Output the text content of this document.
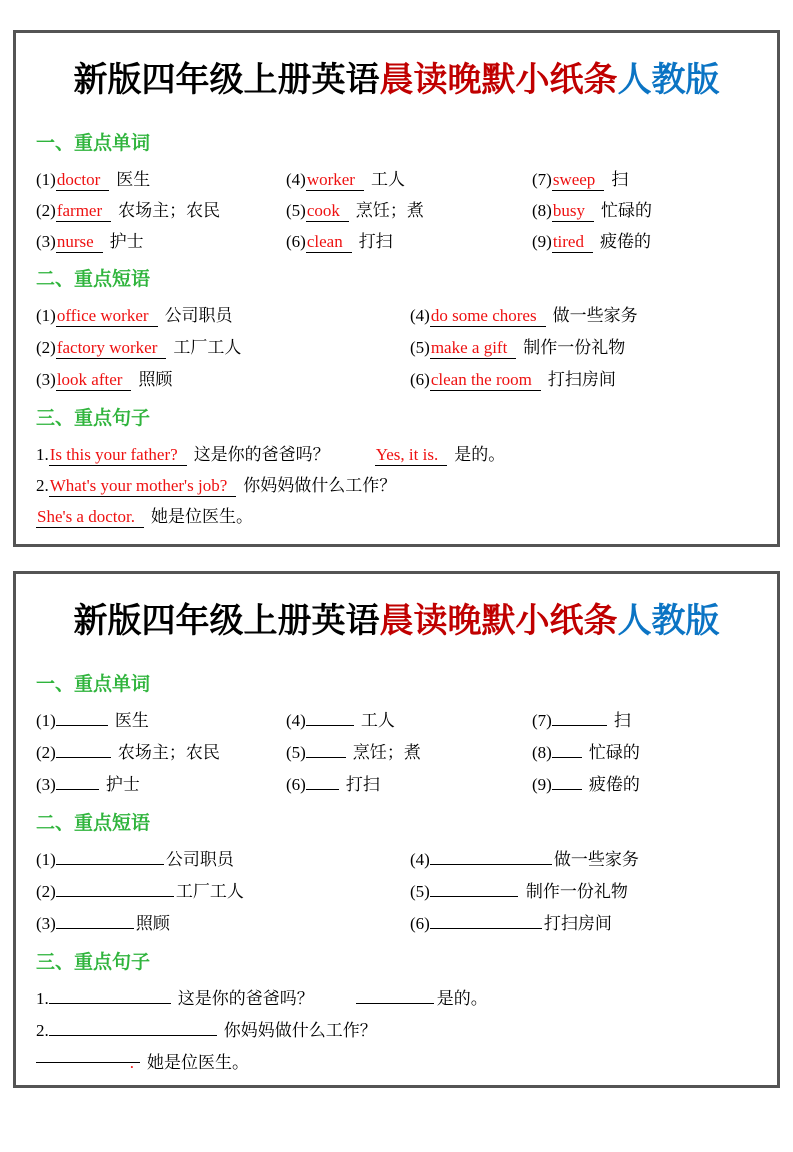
新版四年级上册英语晨读晚默小纸条人教版
一、重点单词
(1)doctor 医生
(2)farmer 农场主；农民
(3)nurse 护士
(4)worker 工人
(5)cook 烹饪；煮
(6)clean 打扫
(7)sweep 扫
(8)busy 忙碌的
(9)tired 疲倦的
二、重点短语
(1)office worker 公司职员
(2)factory worker 工厂工人
(3)look after 照顾
(4)do some chores 做一些家务
(5)make a gift 制作一份礼物
(6)clean the room 打扫房间
三、重点句子
1.Is this your father? 这是你的爸爸吗？	Yes, it is. 是的。
2.What's your mother's job? 你妈妈做什么工作？
She's a doctor. 她是位医生。
新版四年级上册英语晨读晚默小纸条人教版
一、重点单词
(1)	医生
(2)	农场主；农民
(3)	护士
(4)	工人
(5)	烹饪；煮
(6) 打扫
(7)	扫
(8) 忙碌的
(9) 疲倦的
二、重点短语
(1)	公司职员
(2)	工厂工人
(3)	照顾
(4)	做一些家务
(5)	制作一份礼物
(6)	打扫房间
三、重点句子
1.	这是你的爸爸吗？	是的。
2.	你妈妈做什么工作？
. 她是位医生。
